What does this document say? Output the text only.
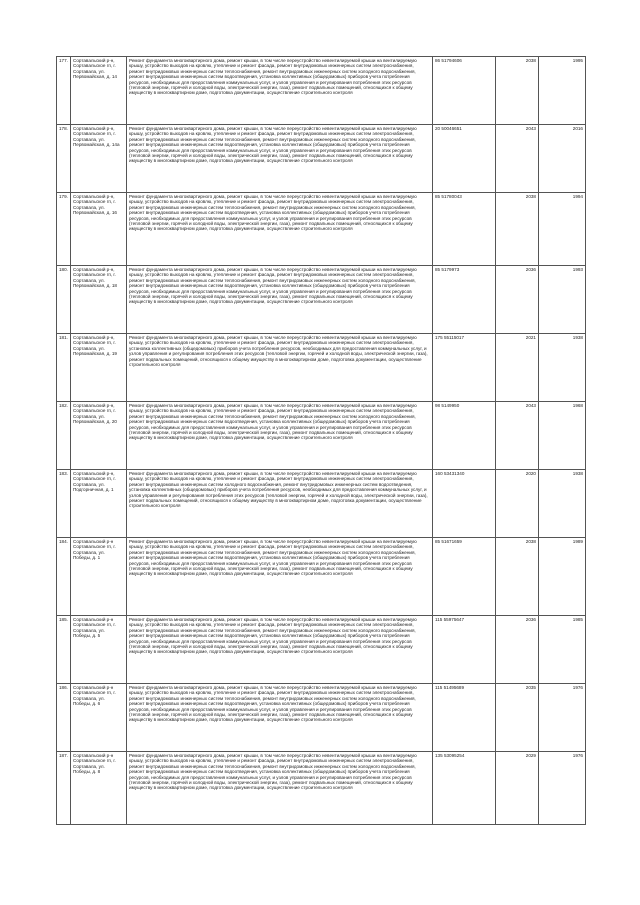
177.	Сортавальский р-н, Сортавальское гп, г. Сортавала, ул. Первомайская, д. 14	Ремонт фундамента многоквартирного дома, ремонт крыши, в том числе переустройство невентилируемой крыши на вентилируемую крышу, устройство выходов на кровлю, утепление и ремонт фасада, ремонт внутридомовых инженерных систем электроснабжения, ремонт внутридомовых инженерных систем теплоснабжения, ремонт внутридомовых инженерных систем холодного водоснабжения, ремонт внутридомовых инженерных систем водоотведения, установка коллективных (общедомовых) приборов учета потребления ресурсов, необходимых для предоставления коммунальных услуг, и узлов управления и регулирования потребления этих ресурсов (тепловой энергии, горячей и холодной воды, электрической энергии, газа), ремонт подвальных помещений, относящихся к общему имуществу в многоквартирном доме, подготовка документации, осуществление строительного контроля	86 51794606	2038	1995
178.	Сортавальский р-н, Сортавальское гп, г. Сортавала, ул. Первомайская, д. 14а	Ремонт фундамента многоквартирного дома, ремонт крыши, в том числе переустройство невентилируемой крыши на вентилируемую крышу, устройство выходов на кровлю, утепление и ремонт фасада, ремонт внутридомовых инженерных систем электроснабжения, ремонт внутридомовых инженерных систем теплоснабжения, ремонт внутридомовых инженерных систем холодного водоснабжения, ремонт внутридомовых инженерных систем водоотведения, установка коллективных (общедомовых) приборов учета потребления ресурсов, необходимых для предоставления коммунальных услуг, и узлов управления и регулирования потребления этих ресурсов (тепловой энергии, горячей и холодной воды, электрической энергии, газа), ремонт подвальных помещений, относящихся к общему имуществу в многоквартирном доме, подготовка документации, осуществление строительного контроля	20 50046651	2043	2016
179.	Сортавальский р-н, Сортавальское гп, г. Сортавала, ул. Первомайская, д. 16	Ремонт фундамента многоквартирного дома, ремонт крыши, в том числе переустройство невентилируемой крыши на вентилируемую крышу, устройство выходов на кровлю, утепление и ремонт фасада, ремонт внутридомовых инженерных систем электроснабжения, ремонт внутридомовых инженерных систем теплоснабжения, ремонт внутридомовых инженерных систем холодного водоснабжения, ремонт внутридомовых инженерных систем водоотведения, установка коллективных (общедомовых) приборов учета потребления ресурсов, необходимых для предоставления коммунальных услуг, и узлов управления и регулирования потребления этих ресурсов (тепловой энергии, горячей и холодной воды, электрической энергии, газа), ремонт подвальных помещений, относящихся к общему имуществу в многоквартирном доме, подготовка документации, осуществление строительного контроля	85 51780043	2038	1994
180.	Сортавальский р-н, Сортавальское гп, г. Сортавала, ул. Первомайская, д. 18	Ремонт фундамента многоквартирного дома, ремонт крыши, в том числе переустройство невентилируемой крыши на вентилируемую крышу, устройство выходов на кровлю, утепление и ремонт фасада, ремонт внутридомовых инженерных систем электроснабжения, ремонт внутридомовых инженерных систем теплоснабжения, ремонт внутридомовых инженерных систем холодного водоснабжения, ремонт внутридомовых инженерных систем водоотведения, установка коллективных (общедомовых) приборов учета потребления ресурсов, необходимых для предоставления коммунальных услуг, и узлов управления и регулирования потребления этих ресурсов (тепловой энергии, горячей и холодной воды, электрической энергии, газа), ремонт подвальных помещений, относящихся к общему имуществу в многоквартирном доме, подготовка документации, осуществление строительного контроля	85 5179973	2036	1993
181.	Сортавальский р-н, Сортавальское гп, г. Сортавала, ул. Первомайская, д. 19	Ремонт фундамента многоквартирного дома, ремонт крыши, в том числе переустройство невентилируемой крыши на вентилируемую крышу, устройство выходов на кровлю, утепление и ремонт фасада, ремонт внутридомовых инженерных систем электроснабжения, установка коллективных (общедомовых) приборов учета потребления ресурсов, необходимых для предоставления коммунальных услуг, и узлов управления и регулирования потребления этих ресурсов (тепловой энергии, горячей и холодной воды, электрической энергии, газа), ремонт подвальных помещений, относящихся к общему имуществу в многоквартирном доме, подготовка документации, осуществление строительного контроля	175 55115017	2021	1938
182.	Сортавальский р-н, Сортавальское гп, г. Сортавала, ул. Первомайская, д. 20	Ремонт фундамента многоквартирного дома, ремонт крыши, в том числе переустройство невентилируемой крыши на вентилируемую крышу, устройство выходов на кровлю, утепление и ремонт фасада, ремонт внутридомовых инженерных систем электроснабжения, ремонт внутридомовых инженерных систем теплоснабжения, ремонт внутридомовых инженерных систем холодного водоснабжения, ремонт внутридомовых инженерных систем водоотведения, установка коллективных (общедомовых) приборов учета потребления ресурсов, необходимых для предоставления коммунальных услуг, и узлов управления и регулирования потребления этих ресурсов (тепловой энергии, горячей и холодной воды, электрической энергии, газа), ремонт подвальных помещений, относящихся к общему имуществу в многоквартирном доме, подготовка документации, осуществление строительного контроля	98 5149950	2043	1968
183.	Сортавальский р-н, Сортавальское гп, г. Сортавала, ул. Подгорничная, д. 1	Ремонт фундамента многоквартирного дома, ремонт крыши, в том числе переустройство невентилируемой крыши на вентилируемую крышу, устройство выходов на кровлю, утепление и ремонт фасада, ремонт внутридомовых инженерных систем электроснабжения, ремонт внутридомовых инженерных систем холодного водоснабжения, ремонт внутридомовых инженерных систем водоотведения, установка коллективных (общедомовых) приборов учета потребления ресурсов, необходимых для предоставления коммунальных услуг, и узлов управления и регулирования потребления этих ресурсов (тепловой энергии, горячей и холодной воды, электрической энергии, газа), ремонт подвальных помещений, относящихся к общему имуществу в многоквартирном доме, подготовка документации, осуществление строительного контроля	160 53431340	2020	1938
184.	Сортавальский р-н Сортавальское гп, г. Сортавала, ул. Победы, д. 1	Ремонт фундамента многоквартирного дома, ремонт крыши, в том числе переустройство невентилируемой крыши на вентилируемую крышу, устройство выходов на кровлю, утепление и ремонт фасада, ремонт внутридомовых инженерных систем электроснабжения, ремонт внутридомовых инженерных систем теплоснабжения, ремонт внутридомовых инженерных систем холодного водоснабжения, ремонт внутридомовых инженерных систем водоотведения, установка коллективных (общедомовых) приборов учета потребления ресурсов, необходимых для предоставления коммунальных услуг, и узлов управления и регулирования потребления этих ресурсов (тепловой энергии, горячей и холодной воды, электрической энергии, газа), ремонт подвальных помещений, относящихся к общему имуществу в многоквартирном доме, подготовка документации, осуществление строительного контроля	85 51671659	2038	1989
185.	Сортавальский р-н Сортавальское гп, г. Сортавала, ул. Победы, д. 5	Ремонт фундамента многоквартирного дома, ремонт крыши, в том числе переустройство невентилируемой крыши на вентилируемую крышу, устройство выходов на кровлю, утепление и ремонт фасада, ремонт внутридомовых инженерных систем электроснабжения, ремонт внутридомовых инженерных систем теплоснабжения, ремонт внутридомовых инженерных систем холодного водоснабжения, ремонт внутридомовых инженерных систем водоотведения, установка коллективных (общедомовых) приборов учета потребления ресурсов, необходимых для предоставления коммунальных услуг, и узлов управления и регулирования потребления этих ресурсов (тепловой энергии, горячей и холодной воды, электрической энергии, газа), ремонт подвальных помещений, относящихся к общему имуществу в многоквартирном доме, подготовка документации, осуществление строительного контроля	115 55975647	2036	1985
186.	Сортавальский р-н Сортавальское гп, г. Сортавала, ул. Победы, д. 6	Ремонт фундамента многоквартирного дома, ремонт крыши, в том числе переустройство невентилируемой крыши на вентилируемую крышу, устройство выходов на кровлю, утепление и ремонт фасада, ремонт внутридомовых инженерных систем электроснабжения, ремонт внутридомовых инженерных систем теплоснабжения, ремонт внутридомовых инженерных систем холодного водоснабжения, ремонт внутридомовых инженерных систем водоотведения, установка коллективных (общедомовых) приборов учета потребления ресурсов, необходимых для предоставления коммунальных услуг, и узлов управления и регулирования потребления этих ресурсов (тепловой энергии, горячей и холодной воды, электрической энергии, газа), ремонт подвальных помещений, относящихся к общему имуществу в многоквартирном доме, подготовка документации, осуществление строительного контроля	115 51495689	2035	1976
187.	Сортавальский р-н Сортавальское гп, г. Сортавала, ул. Победы, д. 8	Ремонт фундамента многоквартирного дома, ремонт крыши, в том числе переустройство невентилируемой крыши на вентилируемую крышу, устройство выходов на кровлю, утепление и ремонт фасада, ремонт внутридомовых инженерных систем электроснабжения, ремонт внутридомовых инженерных систем теплоснабжения, ремонт внутридомовых инженерных систем холодного водоснабжения, ремонт внутридомовых инженерных систем водоотведения, установка коллективных (общедомовых) приборов учета потребления ресурсов, необходимых для предоставления коммунальных услуг, и узлов управления и регулирования потребления этих ресурсов (тепловой энергии, горячей и холодной воды, электрической энергии, газа), ремонт подвальных помещений, относящихся к общему имуществу в многоквартирном доме, подготовка документации, осуществление строительного контроля	135 53095254	2029	1976
